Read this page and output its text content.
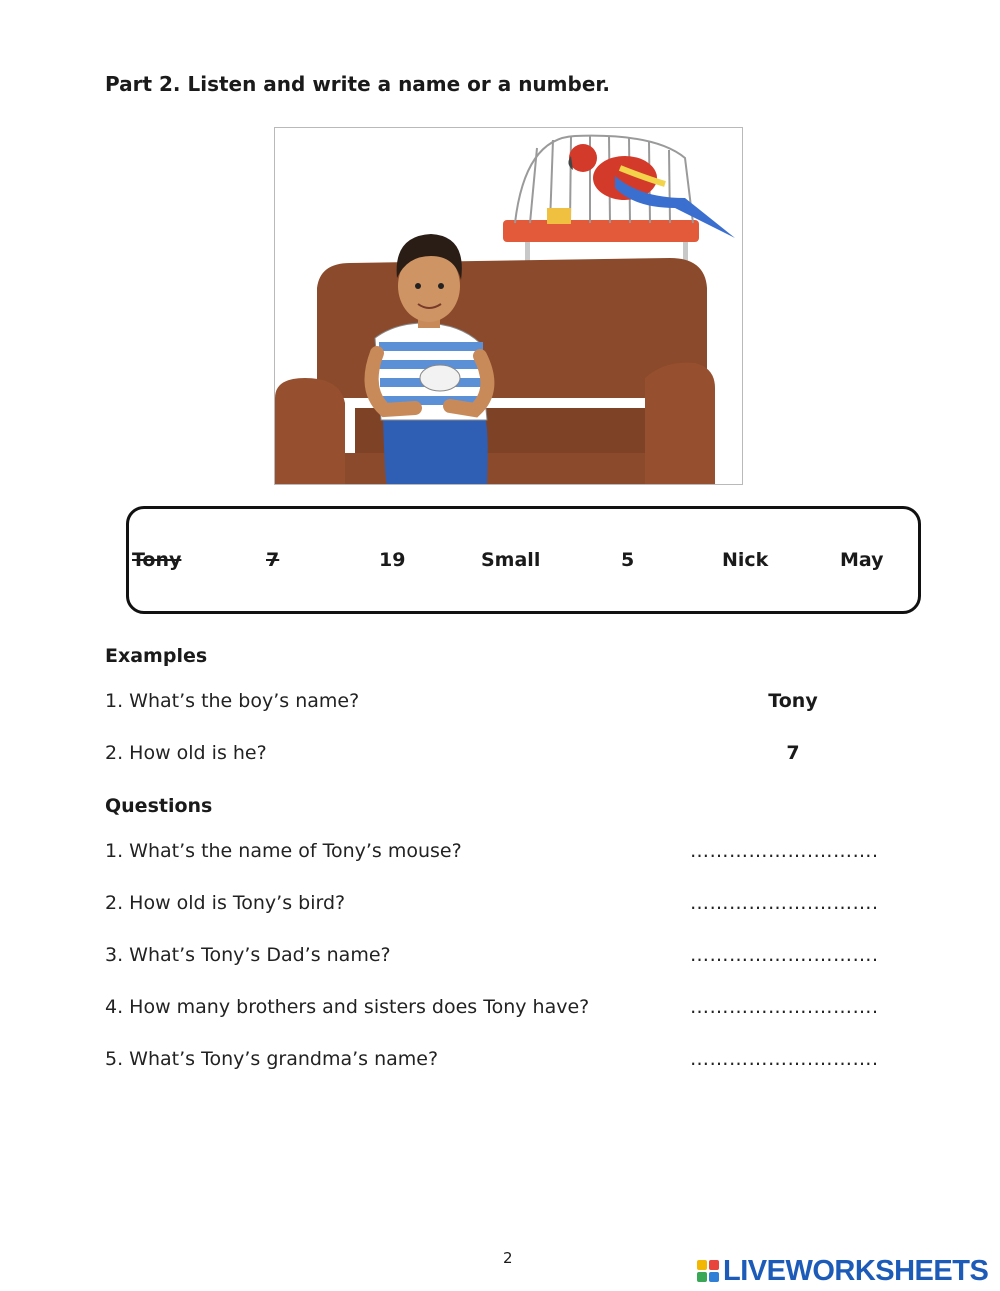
Part 2. Listen and write a name or a number.
Tony	7	19	Small	5	Nick	May
Examples
1. What’s the boy’s name?	Tony
2. How old is he?	7
Questions
1. What’s the name of Tony’s mouse?	……………….……….
2. How old is Tony’s bird?	……………….……….
3. What’s Tony’s Dad’s name?	……………….……….
4. How many brothers and sisters does Tony have?	……………….……….
5. What’s Tony’s grandma’s name?	……………….……….
2	LIVEWORKSHEETS
